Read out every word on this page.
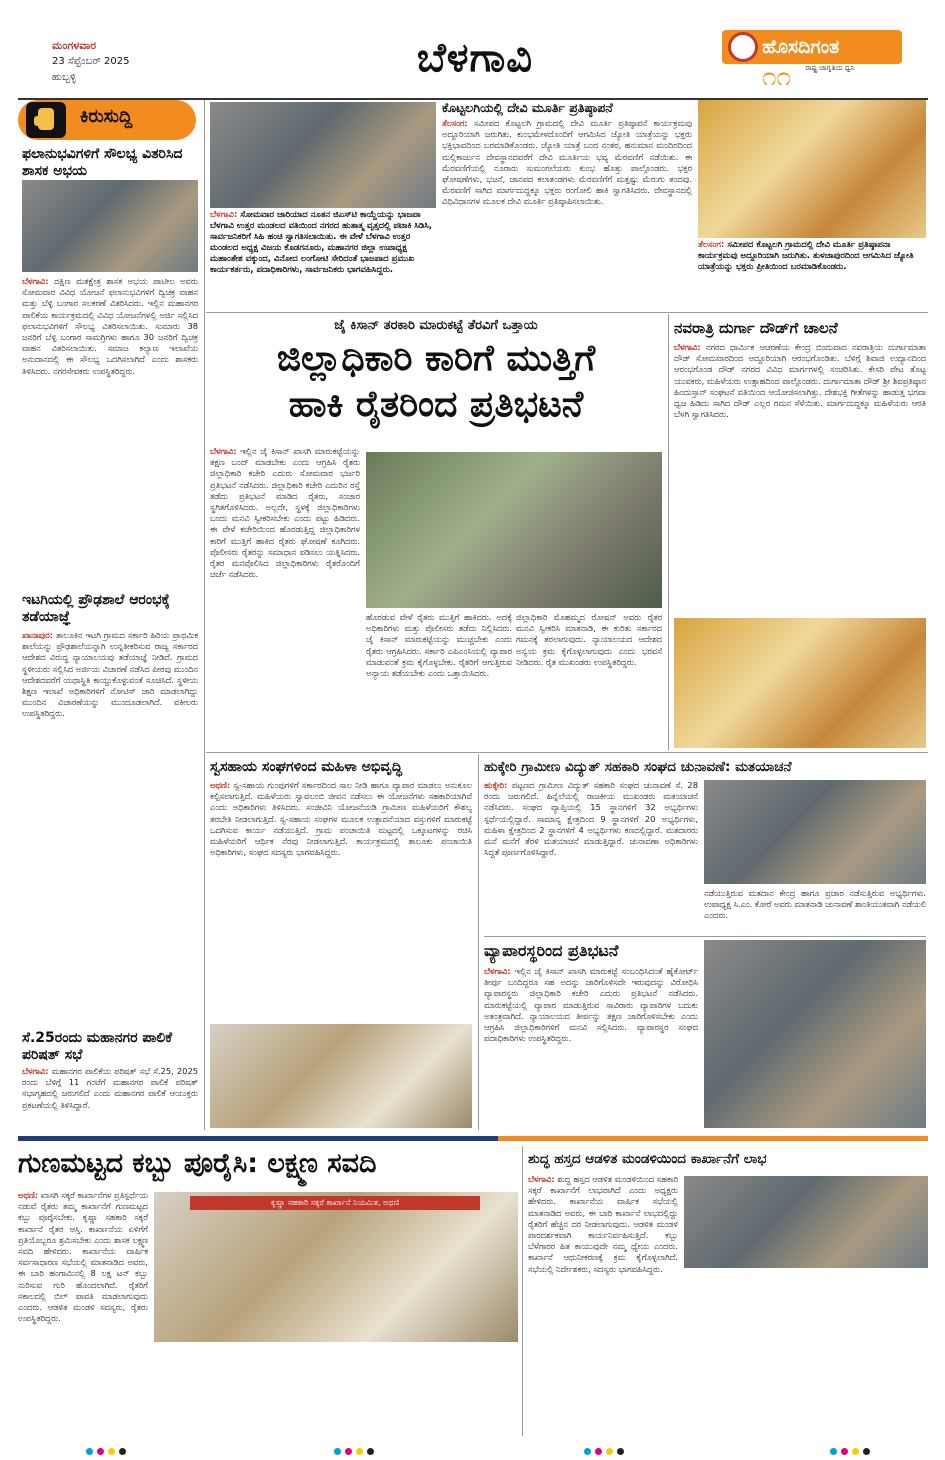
ಮಂಗಳವಾರ
23 ಸೆಪ್ಟೆಂಬರ್ 2025
ಹುಬ್ಬಳ್ಳಿ	ಬೆಳಗಾವಿ	ಹೊಸದಿಗಂತ
ರಾಷ್ಟ್ರ ಜಾಗೃತಿಯ ಧ್ವನಿ
೧೧
ಕಿರುಸುದ್ದಿ
ಫಲಾನುಭವಿಗಳಿಗೆ ಸೌಲಭ್ಯ ವಿತರಿಸಿದ ಶಾಸಕ ಅಭಯ
ಬೆಳಗಾವಿ: ದಕ್ಷಿಣ ಮತಕ್ಷೇತ್ರ ಶಾಸಕ ಅಭಯ ಪಾಟೀಲ ಅವರು ಸೋಮವಾರ ವಿವಿಧ ಯೋಜನೆ ಫಲಾನುಭವಿಗಳಿಗೆ ದ್ವಿಚಕ್ರ ವಾಹನ ಮತ್ತು ಬೆಳ್ಳಿ ಬಂಗಾರ ಸಲಕರಣೆ ವಿತರಿಸಿದರು. ಇಲ್ಲಿನ ಮಹಾನಗರ ಪಾಲಿಕೆಯ ಕಾರ್ಯಕ್ರಮದಲ್ಲಿ ವಿವಿಧ ಯೋಜನೆಗಳಲ್ಲಿ ಅರ್ಜಿ ಸಲ್ಲಿಸಿದ ಫಲಾನುಭವಿಗಳಿಗೆ ಸೌಲಭ್ಯ ವಿತರಿಸಲಾಯಿತು. ಸುಮಾರು 38 ಜನರಿಗೆ ಬೆಳ್ಳಿ ಬಂಗಾರ ಸಾಮಗ್ರಿಗಳು ಹಾಗೂ 30 ಜನರಿಗೆ ದ್ವಿಚಕ್ರ ವಾಹನ ವಿತರಿಸಲಾಯಿತು. ಸಮಾಜ ಕಲ್ಯಾಣ ಇಲಾಖೆಯ ಅನುದಾನದಲ್ಲಿ ಈ ಸೌಲಭ್ಯ ಒದಗಿಸಲಾಗಿದೆ ಎಂದು ಶಾಸಕರು ತಿಳಿಸಿದರು. ನಗರಸೇವಕರು ಉಪಸ್ಥಿತರಿದ್ದರು.
ಇಟಗಿಯಲ್ಲಿ ಪ್ರೌಢಶಾಲೆ ಆರಂಭಕ್ಕೆ ತಡೆಯಾಜ್ಞೆ
ಖಾನಾಪುರ: ತಾಲೂಕಿನ ಇಟಗಿ ಗ್ರಾಮದ ಸರ್ಕಾರಿ ಹಿರಿಯ ಪ್ರಾಥಮಿಕ ಶಾಲೆಯನ್ನು ಪ್ರೌಢಶಾಲೆಯನ್ನಾಗಿ ಉನ್ನತೀಕರಿಸುವ ರಾಜ್ಯ ಸರ್ಕಾರದ ಆದೇಶದ ವಿರುದ್ಧ ನ್ಯಾಯಾಲಯವು ತಡೆಯಾಜ್ಞೆ ನೀಡಿದೆ. ಗ್ರಾಮದ ಸ್ಥಳೀಯರು ಸಲ್ಲಿಸಿದ ಅರ್ಜಿಯ ವಿಚಾರಣೆ ನಡೆಸಿದ ಪೀಠವು ಮುಂದಿನ ಆದೇಶದವರೆಗೆ ಯಥಾಸ್ಥಿತಿ ಕಾಯ್ದುಕೊಳ್ಳುವಂತೆ ಸೂಚಿಸಿದೆ. ಸ್ಥಳೀಯ ಶಿಕ್ಷಣ ಇಲಾಖೆ ಅಧಿಕಾರಿಗಳಿಗೆ ನೋಟಿಸ್ ಜಾರಿ ಮಾಡಲಾಗಿದ್ದು ಮುಂದಿನ ವಿಚಾರಣೆಯನ್ನು ಮುಂದೂಡಲಾಗಿದೆ. ವಕೀಲರು ಉಪಸ್ಥಿತರಿದ್ದರು.
ಸೆ.25ರಂದು ಮಹಾನಗರ ಪಾಲಿಕೆ ಪರಿಷತ್ ಸಭೆ
ಬೆಳಗಾವಿ: ಮಹಾನಗರ ಪಾಲಿಕೆಯ ಪರಿಷತ್ ಸಭೆ ಸೆ.25, 2025 ರಂದು ಬೆಳಿಗ್ಗೆ 11 ಗಂಟೆಗೆ ಮಹಾನಗರ ಪಾಲಿಕೆ ಪರಿಷತ್ ಸಭಾಗೃಹದಲ್ಲಿ ಜರುಗಲಿದೆ ಎಂದು ಮಹಾನಗರ ಪಾಲಿಕೆ ಆಯುಕ್ತರು ಪ್ರಕಟಣೆಯಲ್ಲಿ ತಿಳಿಸಿದ್ದಾರೆ.
ಬೆಳಗಾವಿ: ಸೋಮವಾರ ಜಾರಿಯಾದ ನೂತನ ಜಿಎಸ್‌ಟಿ ಕಾಯ್ದೆಯನ್ನು ಭಾಜಪಾ ಬೆಳಗಾವಿ ಉತ್ತರ ಮಂಡಲದ ವತಿಯಿಂದ ನಗರದ ಹುತಾತ್ಮ ವೃತ್ತದಲ್ಲಿ ಪಟಾಕಿ ಸಿಡಿಸಿ, ಸಾರ್ವಜನಿಕರಿಗೆ ಸಿಹಿ ಹಂಚಿ ಸ್ವಾಗತಿಸಲಾಯಿತು. ಈ ವೇಳೆ ಬೆಳಗಾವಿ ಉತ್ತರ ಮಂಡಲದ ಅಧ್ಯಕ್ಷ ವಿಜಯ ಕೊಡಗನೂರು, ಮಹಾನಗರ ಜಿಲ್ಲಾ ಉಪಾಧ್ಯಕ್ಷ ಮಹಾಂತೇಶ ವಕ್ಕುಂದ, ವಿನೋದ ಲಂಗೋಟಿ ಸೇರಿದಂತೆ ಭಾಜಪಾದ ಪ್ರಮುಖ ಕಾರ್ಯಕರ್ತರು, ಪದಾಧಿಕಾರಿಗಳು, ಸಾರ್ವಜನಿಕರು ಭಾಗವಹಿಸಿದ್ದರು.
ಕೊಟ್ಟಲಗಿಯಲ್ಲಿ ದೇವಿ ಮೂರ್ತಿ ಪ್ರತಿಷ್ಠಾಪನೆ
ತೆಲಸಂಗ: ಸಮೀಪದ ಕೊಟ್ಟಲಗಿ ಗ್ರಾಮದಲ್ಲಿ ದೇವಿ ಮೂರ್ತಿ ಪ್ರತಿಷ್ಠಾಪನೆ ಕಾರ್ಯಕ್ರಮವು ಅದ್ದೂರಿಯಾಗಿ ಜರುಗಿತು. ಕುಂಭಮೇಳದೊಂದಿಗೆ ಆಗಮಿಸಿದ ಜ್ಯೋತಿ ಯಾತ್ರೆಯನ್ನು ಭಕ್ತರು ಭಕ್ತಿಭಾವದಿಂದ ಬರಮಾಡಿಕೊಂಡರು. ಜ್ಯೋತಿ ಯಾತ್ರೆ ಬಂದ ನಂತರ, ಹನುಮಾನ ಮಂದಿರದಿಂದ ಮಲ್ಲಿಕಾರ್ಜುನ ದೇವಸ್ಥಾನದವರೆಗೆ ದೇವಿ ಮೂರ್ತಿಯ ಭವ್ಯ ಮೆರವಣಿಗೆ ನಡೆಯಿತು. ಈ ಮೆರವಣಿಗೆಯಲ್ಲಿ ನೂರಾರು ಸುಮಂಗಲೆಯರು ಕುಂಭ ಹೊತ್ತು ಪಾಲ್ಗೊಂಡರು. ಭಕ್ತರ ಘೋಷಣೆಗಳು, ಭಜನೆ, ಜಾನಪದ ಕಲಾತಂಡಗಳು ಮೆರವಣಿಗೆಗೆ ಮತ್ತಷ್ಟು ಮೆರುಗು ತಂದವು. ಮೆರವಣಿಗೆ ಸಾಗಿದ ಮಾರ್ಗದುದ್ದಕ್ಕೂ ಭಕ್ತರು ರಂಗೋಲಿ ಹಾಕಿ ಸ್ವಾಗತಿಸಿದರು. ದೇವಸ್ಥಾನದಲ್ಲಿ ವಿಧಿವಿಧಾನಗಳ ಮೂಲಕ ದೇವಿ ಮೂರ್ತಿ ಪ್ರತಿಷ್ಠಾಪಿಸಲಾಯಿತು.
ತೆಲಸಂಗ: ಸಮೀಪದ ಕೊಟ್ಟಲಗಿ ಗ್ರಾಮದಲ್ಲಿ ದೇವಿ ಮೂರ್ತಿ ಪ್ರತಿಷ್ಠಾಪನಾ ಕಾರ್ಯಕ್ರಮವು ಅದ್ದೂರಿಯಾಗಿ ಜರುಗಿತು. ತುಳಜಾಪುರದಿಂದ ಆಗಮಿಸಿದ ಜ್ಯೋತಿ ಯಾತ್ರೆಯನ್ನು ಭಕ್ತರು ಪ್ರೀತಿಯಿಂದ ಬರಮಾಡಿಕೊಂಡರು.
ಜೈ ಕಿಸಾನ್ ತರಕಾರಿ ಮಾರುಕಟ್ಟೆ ತೆರವಿಗೆ ಒತ್ತಾಯ
ಜಿಲ್ಲಾಧಿಕಾರಿ ಕಾರಿಗೆ ಮುತ್ತಿಗೆ
ಹಾಕಿ ರೈತರಿಂದ ಪ್ರತಿಭಟನೆ
ಬೆಳಗಾವಿ: ಇಲ್ಲಿನ ಜೈ ಕಿಸಾನ್ ಖಾಸಗಿ ಮಾರುಕಟ್ಟೆಯನ್ನು ತಕ್ಷಣ ಬಂದ್ ಮಾಡಬೇಕು ಎಂದು ಆಗ್ರಹಿಸಿ ರೈತರು ಜಿಲ್ಲಾಧಿಕಾರಿ ಕಚೇರಿ ಎದುರು ಸೋಮವಾರ ಭರ್ಜರಿ ಪ್ರತಿಭಟನೆ ನಡೆಸಿದರು. ಜಿಲ್ಲಾಧಿಕಾರಿ ಕಚೇರಿ ಎದುರಿನ ರಸ್ತೆ ತಡೆದು ಪ್ರತಿಭಟನೆ ಮಾಡಿದ ರೈತರು, ಸಂಚಾರ ಸ್ಥಗಿತಗೊಳಿಸಿದರು. ಅಲ್ಲದೇ, ಸ್ಥಳಕ್ಕೆ ಜಿಲ್ಲಾಧಿಕಾರಿಗಳು ಬಂದು ಮನವಿ ಸ್ವೀಕರಿಸಬೇಕು ಎಂದು ಪಟ್ಟು ಹಿಡಿದರು. ಈ ವೇಳೆ ಕಚೇರಿಯಿಂದ ಹೊರಡುತ್ತಿದ್ದ ಜಿಲ್ಲಾಧಿಕಾರಿಗಳ ಕಾರಿಗೆ ಮುತ್ತಿಗೆ ಹಾಕಿದ ರೈತರು ಘೋಷಣೆ ಕೂಗಿದರು. ಪೊಲೀಸರು ರೈತರನ್ನು ಸಮಾಧಾನ ಪಡಿಸಲು ಯತ್ನಿಸಿದರು. ರೈತರ ಮನವೊಲಿಸಿದ ಜಿಲ್ಲಾಧಿಕಾರಿಗಳು ರೈತರೊಂದಿಗೆ ಚರ್ಚೆ ನಡೆಸಿದರು.
ಹೊರಡುವ ವೇಳೆ ರೈತರು ಮುತ್ತಿಗೆ ಹಾಕಿದರು. ಅದಕ್ಕೆ ಅಧಿಕಾರಿಗಳು ಮತ್ತು ಪೊಲೀಸರು ತಡೆದು ನಿಲ್ಲಿಸಿದರು. ಜೈ ಕಿಸಾನ್ ಮಾರುಕಟ್ಟೆಯನ್ನು ಮುಚ್ಚಬೇಕು ಎಂದು ರೈತರು ಆಗ್ರಹಿಸಿದರು. ಸರ್ಕಾರಿ ಎಪಿಎಂಸಿಯಲ್ಲಿ ವ್ಯಾಪಾರ ಮಾಡುವಂತೆ ಕ್ರಮ ಕೈಗೊಳ್ಳಬೇಕು. ರೈತರಿಗೆ ಆಗುತ್ತಿರುವ ಅನ್ಯಾಯ ತಡೆಯಬೇಕು ಎಂದು ಒತ್ತಾಯಿಸಿದರು.
ಜಿಲ್ಲಾಧಿಕಾರಿ ಮೊಹಮ್ಮದ ರೋಷನ್ ಅವರು ರೈತರ ಮನವಿ ಸ್ವೀಕರಿಸಿ ಮಾತನಾಡಿ, ಈ ಕುರಿತು ಸರ್ಕಾರದ ಗಮನಕ್ಕೆ ತರಲಾಗುವುದು. ನ್ಯಾಯಾಲಯದ ಆದೇಶದ ಅನ್ವಯ ಕ್ರಮ ಕೈಗೊಳ್ಳಲಾಗುವುದು ಎಂದು ಭರವಸೆ ನೀಡಿದರು. ರೈತ ಮುಖಂಡರು ಉಪಸ್ಥಿತರಿದ್ದರು.
ನವರಾತ್ರಿ ದುರ್ಗಾ ದೌಡ್‌ಗೆ ಚಾಲನೆ
ಬೆಳಗಾವಿ: ನಗರದ ಧಾರ್ಮಿಕ ಆಚರಣೆಯ ಕೇಂದ್ರ ಬಿಂದುವಾದ ನವರಾತ್ರಿಯ ದುರ್ಗಾಮಾತಾ ದೌಡ್ ಸೋಮವಾರದಿಂದ ಅದ್ದೂರಿಯಾಗಿ ಆರಂಭಗೊಂಡಿತು. ಬೆಳಿಗ್ಗೆ ಶಿವಾಜಿ ಉದ್ಯಾನದಿಂದ ಆರಂಭಗೊಂಡ ದೌಡ್ ನಗರದ ವಿವಿಧ ಮಾರ್ಗಗಳಲ್ಲಿ ಸಂಚರಿಸಿತು. ಕೇಸರಿ ಪೇಟ ತೊಟ್ಟ ಯುವಕರು, ಮಹಿಳೆಯರು ಉತ್ಸಾಹದಿಂದ ಪಾಲ್ಗೊಂಡರು. ದುರ್ಗಾಮಾತಾ ದೌಡ್ ಶ್ರೀ ಶಿವಪ್ರತಿಷ್ಠಾನ ಹಿಂದುಸ್ತಾನ್ ಸಂಘಟನೆ ವತಿಯಿಂದ ಆಯೋಜಿಸಲಾಗಿತ್ತು. ದೇಶಭಕ್ತಿ ಗೀತೆಗಳನ್ನು ಹಾಡುತ್ತ ಭಗವಾ ಧ್ವಜ ಹಿಡಿದು ಸಾಗಿದ ದೌಡ್ ಎಲ್ಲರ ಗಮನ ಸೆಳೆಯಿತು. ಮಾರ್ಗದುದ್ದಕ್ಕೂ ಮಹಿಳೆಯರು ಆರತಿ ಬೆಳಗಿ ಸ್ವಾಗತಿಸಿದರು.
ಸ್ವಸಹಾಯ ಸಂಘಗಳಿಂದ ಮಹಿಳಾ ಅಭಿವೃದ್ಧಿ
ಅಥಣಿ: ಸ್ವ-ಸಹಾಯ ಗುಂಪುಗಳಿಗೆ ಸರ್ಕಾರದಿಂದ ಸಾಲ ನೀಡಿ ಹಾಗೂ ವ್ಯಾಪಾರ ಮಾಡಲು ಅನುಕೂಲ ಕಲ್ಪಿಸಲಾಗುತ್ತಿದೆ. ಮಹಿಳೆಯರು ಸ್ವಾವಲಂಬಿ ಜೀವನ ನಡೆಸಲು ಈ ಯೋಜನೆಗಳು ಸಹಕಾರಿಯಾಗಿವೆ ಎಂದು ಅಧಿಕಾರಿಗಳು ತಿಳಿಸಿದರು. ಸಂಜೀವಿನಿ ಯೋಜನೆಯಡಿ ಗ್ರಾಮೀಣ ಮಹಿಳೆಯರಿಗೆ ಕೌಶಲ್ಯ ತರಬೇತಿ ನೀಡಲಾಗುತ್ತಿದೆ. ಸ್ವ-ಸಹಾಯ ಸಂಘಗಳ ಮೂಲಕ ಉತ್ಪಾದನೆಯಾದ ವಸ್ತುಗಳಿಗೆ ಮಾರುಕಟ್ಟೆ ಒದಗಿಸುವ ಕಾರ್ಯ ನಡೆಯುತ್ತಿದೆ. ಗ್ರಾಮ ಪಂಚಾಯಿತಿ ಮಟ್ಟದಲ್ಲಿ ಒಕ್ಕೂಟಗಳನ್ನು ರಚಿಸಿ ಮಹಿಳೆಯರಿಗೆ ಆರ್ಥಿಕ ನೆರವು ನೀಡಲಾಗುತ್ತಿದೆ. ಕಾರ್ಯಕ್ರಮದಲ್ಲಿ ತಾಲೂಕು ಪಂಚಾಯಿತಿ ಅಧಿಕಾರಿಗಳು, ಸಂಘದ ಸದಸ್ಯರು ಭಾಗವಹಿಸಿದ್ದರು.
ಹುಕ್ಕೇರಿ ಗ್ರಾಮೀಣ ವಿದ್ಯುತ್ ಸಹಕಾರಿ ಸಂಘದ ಚುನಾವಣೆ: ಮತಯಾಚನೆ
ಹುಕ್ಕೇರಿ: ಪಟ್ಟಣದ ಗ್ರಾಮೀಣ ವಿದ್ಯುತ್ ಸಹಕಾರಿ ಸಂಘದ ಚುನಾವಣೆ ಸೆ. 28 ರಂದು ಜರುಗಲಿದೆ. ಹಿನ್ನೆಲೆಯಲ್ಲಿ ರಾಜಕೀಯ ಮುಖಂಡರು ಮತಯಾಚನೆ ನಡೆಸಿದರು. ಸಂಘದ ವ್ಯಾಪ್ತಿಯಲ್ಲಿ 15 ಸ್ಥಾನಗಳಿಗೆ 32 ಅಭ್ಯರ್ಥಿಗಳು ಸ್ಪರ್ಧೆಯಲ್ಲಿದ್ದಾರೆ. ಸಾಮಾನ್ಯ ಕ್ಷೇತ್ರದಿಂದ 9 ಸ್ಥಾನಗಳಿಗೆ 20 ಅಭ್ಯರ್ಥಿಗಳು, ಮಹಿಳಾ ಕ್ಷೇತ್ರದಿಂದ 2 ಸ್ಥಾನಗಳಿಗೆ 4 ಅಭ್ಯರ್ಥಿಗಳು ಕಣದಲ್ಲಿದ್ದಾರೆ. ಮತದಾರರು ಮನೆ ಮನೆಗೆ ತೆರಳಿ ಮತಯಾಚನೆ ಮಾಡುತ್ತಿದ್ದಾರೆ. ಚುನಾವಣಾ ಅಧಿಕಾರಿಗಳು ಸಿದ್ಧತೆ ಪೂರ್ಣಗೊಳಿಸಿದ್ದಾರೆ.
ನಡೆಯುತ್ತಿರುವ ಮತದಾನ ಕೇಂದ್ರ ಹಾಗೂ ಪ್ರಚಾರ ನಡೆಸುತ್ತಿರುವ ಅಭ್ಯರ್ಥಿಗಳು. ಉಪಾಧ್ಯಕ್ಷ ಸಿ.ಎಂ. ಕೋರೆ ಅವರು ಮಾತನಾಡಿ ಚುನಾವಣೆ ಶಾಂತಿಯುತವಾಗಿ ನಡೆಯಲಿ ಎಂದರು.
ವ್ಯಾಪಾರಸ್ಥರಿಂದ ಪ್ರತಿಭಟನೆ
ಬೆಳಗಾವಿ: ಇಲ್ಲಿನ ಜೈ ಕಿಸಾನ್ ಖಾಸಗಿ ಮಾರುಕಟ್ಟೆ ಸಂಬಂಧಿಸಿದಂತೆ ಹೈಕೋರ್ಟ್ ತೀರ್ಪು ಬಂದಿದ್ದರೂ ಸಹ ಅದನ್ನು ಜಾರಿಗೊಳಿಸದೇ ಇರುವುದನ್ನು ವಿರೋಧಿಸಿ ವ್ಯಾಪಾರಸ್ಥರು ಜಿಲ್ಲಾಧಿಕಾರಿ ಕಚೇರಿ ಎದುರು ಪ್ರತಿಭಟನೆ ನಡೆಸಿದರು. ಮಾರುಕಟ್ಟೆಯಲ್ಲಿ ವ್ಯಾಪಾರ ಮಾಡುತ್ತಿರುವ ಸಾವಿರಾರು ವ್ಯಾಪಾರಿಗಳ ಬದುಕು ಅತಂತ್ರವಾಗಿದೆ. ನ್ಯಾಯಾಲಯದ ತೀರ್ಪನ್ನು ತಕ್ಷಣ ಜಾರಿಗೊಳಿಸಬೇಕು ಎಂದು ಆಗ್ರಹಿಸಿ ಜಿಲ್ಲಾಧಿಕಾರಿಗಳಿಗೆ ಮನವಿ ಸಲ್ಲಿಸಿದರು. ವ್ಯಾಪಾರಸ್ಥರ ಸಂಘದ ಪದಾಧಿಕಾರಿಗಳು ಉಪಸ್ಥಿತರಿದ್ದರು.
ಗುಣಮಟ್ಟದ ಕಬ್ಬು ಪೂರೈಸಿ: ಲಕ್ಷ್ಮಣ ಸವದಿ
ಅಥಣಿ: ಖಾಸಗಿ ಸಕ್ಕರೆ ಕಾರ್ಖಾನೆಗಳ ಪ್ರತಿಸ್ಪರ್ಧೆಯ ನಡುವೆ ರೈತರು ತಮ್ಮ ಕಾರ್ಖಾನೆಗೆ ಗುಣಮಟ್ಟದ ಕಬ್ಬು ಪೂರೈಸಬೇಕು. ಕೃಷ್ಣಾ ಸಹಕಾರಿ ಸಕ್ಕರೆ ಕಾರ್ಖಾನೆ ರೈತರ ಆಸ್ತಿ. ಕಾರ್ಖಾನೆಯ ಏಳಿಗೆಗೆ ಪ್ರತಿಯೊಬ್ಬರೂ ಶ್ರಮಿಸಬೇಕು ಎಂದು ಶಾಸಕ ಲಕ್ಷ್ಮಣ ಸವದಿ ಹೇಳಿದರು. ಕಾರ್ಖಾನೆಯ ವಾರ್ಷಿಕ ಸರ್ವಸಾಧಾರಣ ಸಭೆಯಲ್ಲಿ ಮಾತನಾಡಿದ ಅವರು, ಈ ಬಾರಿ ಹಂಗಾಮಿನಲ್ಲಿ 8 ಲಕ್ಷ ಟನ್ ಕಬ್ಬು ನುರಿಸುವ ಗುರಿ ಹೊಂದಲಾಗಿದೆ. ರೈತರಿಗೆ ಸಕಾಲದಲ್ಲಿ ಬಿಲ್ ಪಾವತಿ ಮಾಡಲಾಗುವುದು ಎಂದರು. ಆಡಳಿತ ಮಂಡಳಿ ಸದಸ್ಯರು, ರೈತರು ಉಪಸ್ಥಿತರಿದ್ದರು.
ಕೃಷ್ಣಾ ಸಹಕಾರಿ ಸಕ್ಕರೆ ಕಾರ್ಖಾನೆ ನಿಯಮಿತ, ಅಥಣಿ
ಶುದ್ಧ ಹಸ್ತದ ಆಡಳಿತ ಮಂಡಳಿಯಿಂದ ಕಾರ್ಖಾನೆಗೆ ಲಾಭ
ಬೆಳಗಾವಿ: ಶುದ್ಧ ಹಸ್ತದ ಆಡಳಿತ ಮಂಡಳಿಯಿಂದ ಸಹಕಾರಿ ಸಕ್ಕರೆ ಕಾರ್ಖಾನೆಗೆ ಲಾಭವಾಗಿದೆ ಎಂದು ಅಧ್ಯಕ್ಷರು ಹೇಳಿದರು. ಕಾರ್ಖಾನೆಯ ವಾರ್ಷಿಕ ಸಭೆಯಲ್ಲಿ ಮಾತನಾಡಿದ ಅವರು, ಈ ಬಾರಿ ಕಾರ್ಖಾನೆ ಲಾಭದಲ್ಲಿದ್ದು ರೈತರಿಗೆ ಹೆಚ್ಚಿನ ದರ ನೀಡಲಾಗುವುದು. ಆಡಳಿತ ಮಂಡಳಿ ಪಾರದರ್ಶಕವಾಗಿ ಕಾರ್ಯನಿರ್ವಹಿಸುತ್ತಿದೆ. ಕಬ್ಬು ಬೆಳೆಗಾರರ ಹಿತ ಕಾಯುವುದೇ ನಮ್ಮ ಧ್ಯೇಯ ಎಂದರು. ಕಾರ್ಖಾನೆ ಆಧುನೀಕರಣಕ್ಕೆ ಕ್ರಮ ಕೈಗೊಳ್ಳಲಾಗಿದೆ. ಸಭೆಯಲ್ಲಿ ನಿರ್ದೇಶಕರು, ಸದಸ್ಯರು ಭಾಗವಹಿಸಿದ್ದರು.
